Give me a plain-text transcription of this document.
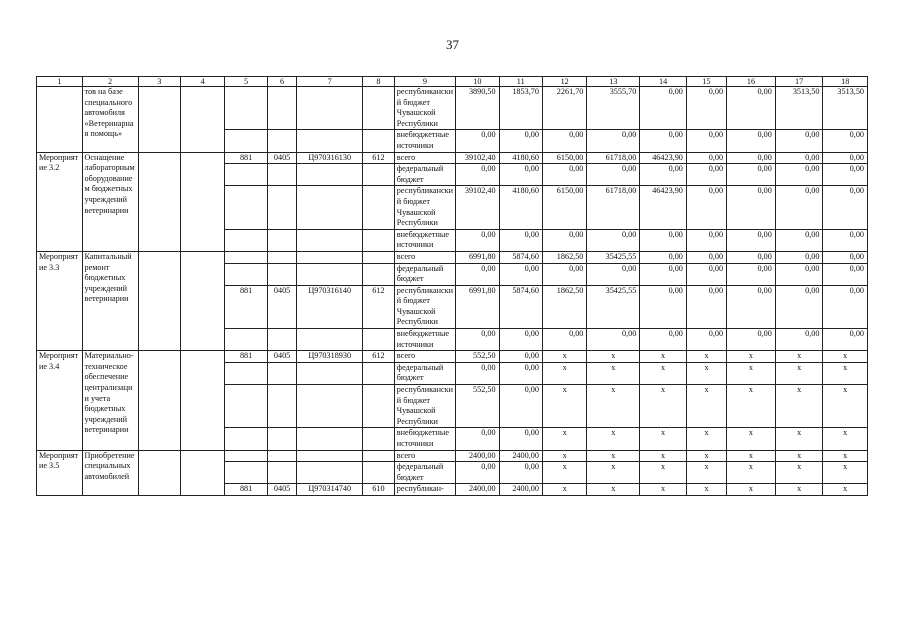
37
1	2	3	4	5	6	7	8	9	10	11	12	13	14	15	16	17	18
	тов на базе специального автомобиля «Ветеринарная помощь»							республиканский бюджет Чувашской Республики	3890,50	1853,70	2261,70	3555,70	0,00	0,00	0,00	3513,50	3513,50
								внебюджетные источники	0,00	0,00	0,00	0,00	0,00	0,00	0,00	0,00	0,00
Мероприятие 3.2	Оснащение лабораторным оборудованием бюджетных учреждений ветеринарии			881	0405	Ц970316130	612	всего	39102,40	4180,60	6150,00	61718,00	46423,90	0,00	0,00	0,00	0,00
								федеральный бюджет	0,00	0,00	0,00	0,00	0,00	0,00	0,00	0,00	0,00
								республиканский бюджет Чувашской Республики	39102,40	4180,60	6150,00	61718,00	46423,90	0,00	0,00	0,00	0,00
								внебюджетные источники	0,00	0,00	0,00	0,00	0,00	0,00	0,00	0,00	0,00
Мероприятие 3.3	Капитальный ремонт бюджетных учреждений ветеринарии							всего	6991,80	5874,60	1862,50	35425,55	0,00	0,00	0,00	0,00	0,00
								федеральный бюджет	0,00	0,00	0,00	0,00	0,00	0,00	0,00	0,00	0,00
				881	0405	Ц970316140	612	республиканский бюджет Чувашской Республики	6991,80	5874,60	1862,50	35425,55	0,00	0,00	0,00	0,00	0,00
								внебюджетные источники	0,00	0,00	0,00	0,00	0,00	0,00	0,00	0,00	0,00
Мероприятие 3.4	Материально-техническое обеспечение централизации учета бюджетных учреждений ветеринарии			881	0405	Ц970318930	612	всего	552,50	0,00	x	x	x	x	x	x	x
								федеральный бюджет	0,00	0,00	x	x	x	x	x	x	x
								республиканский бюджет Чувашской Республики	552,50	0,00	x	x	x	x	x	x	x
								внебюджетные источники	0,00	0,00	x	x	x	x	x	x	x
Мероприятие 3.5	Приобретение специальных автомобилей							всего	2400,00	2400,00	x	x	x	x	x	x	x
								федеральный бюджет	0,00	0,00	x	x	x	x	x	x	x
				881	0405	Ц970314740	610	республикан-	2400,00	2400,00	x	x	x	x	x	x	x
